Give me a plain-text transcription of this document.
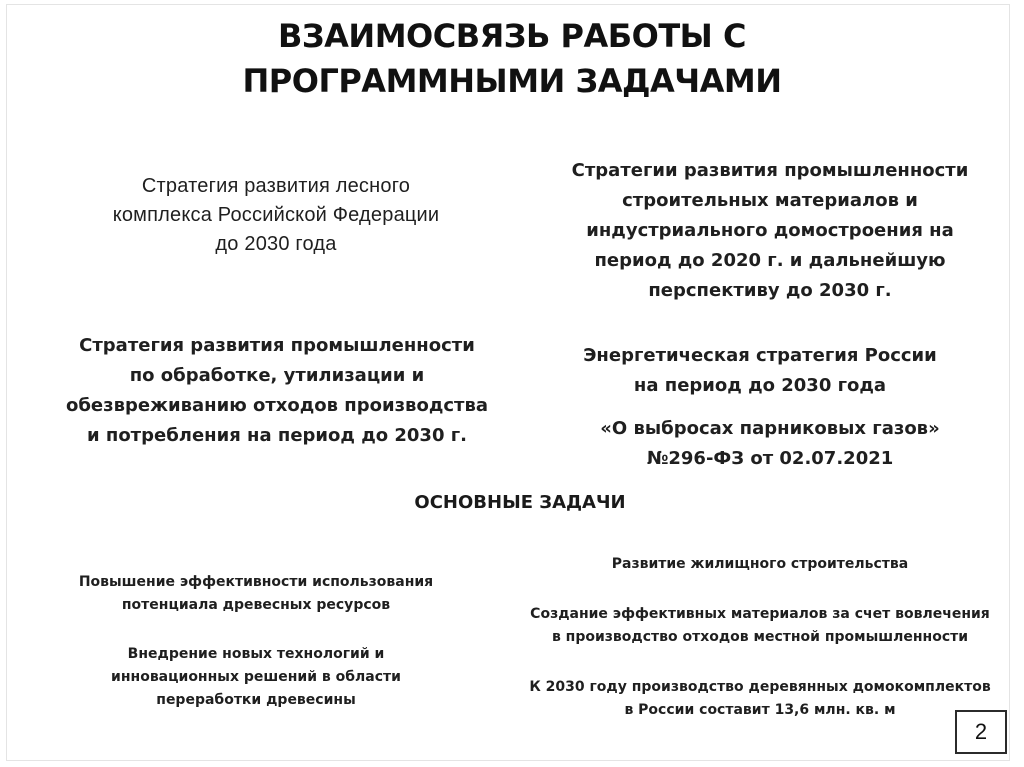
ВЗАИМОСВЯЗЬ РАБОТЫ С
ПРОГРАММНЫМИ ЗАДАЧАМИ
Стратегия развития лесного
комплекса Российской Федерации
до 2030 года
Стратегия развития промышленности
по обработке, утилизации и
обезвреживанию отходов производства
и потребления на период до 2030 г.
Стратегии развития промышленности
строительных материалов и
индустриального домостроения на
период до 2020 г. и дальнейшую
перспективу до 2030 г.
Энергетическая стратегия России
на период до 2030 года
«О выбросах парниковых газов»
№296-ФЗ от 02.07.2021
ОСНОВНЫЕ ЗАДАЧИ
Повышение эффективности использования
потенциала древесных ресурсов
Внедрение новых технологий и
инновационных решений в области
переработки древесины
Развитие жилищного строительства
Создание эффективных материалов за счет вовлечения
в производство отходов местной промышленности
К 2030 году производство деревянных домокомплектов
в России составит 13,6 млн. кв. м
2
